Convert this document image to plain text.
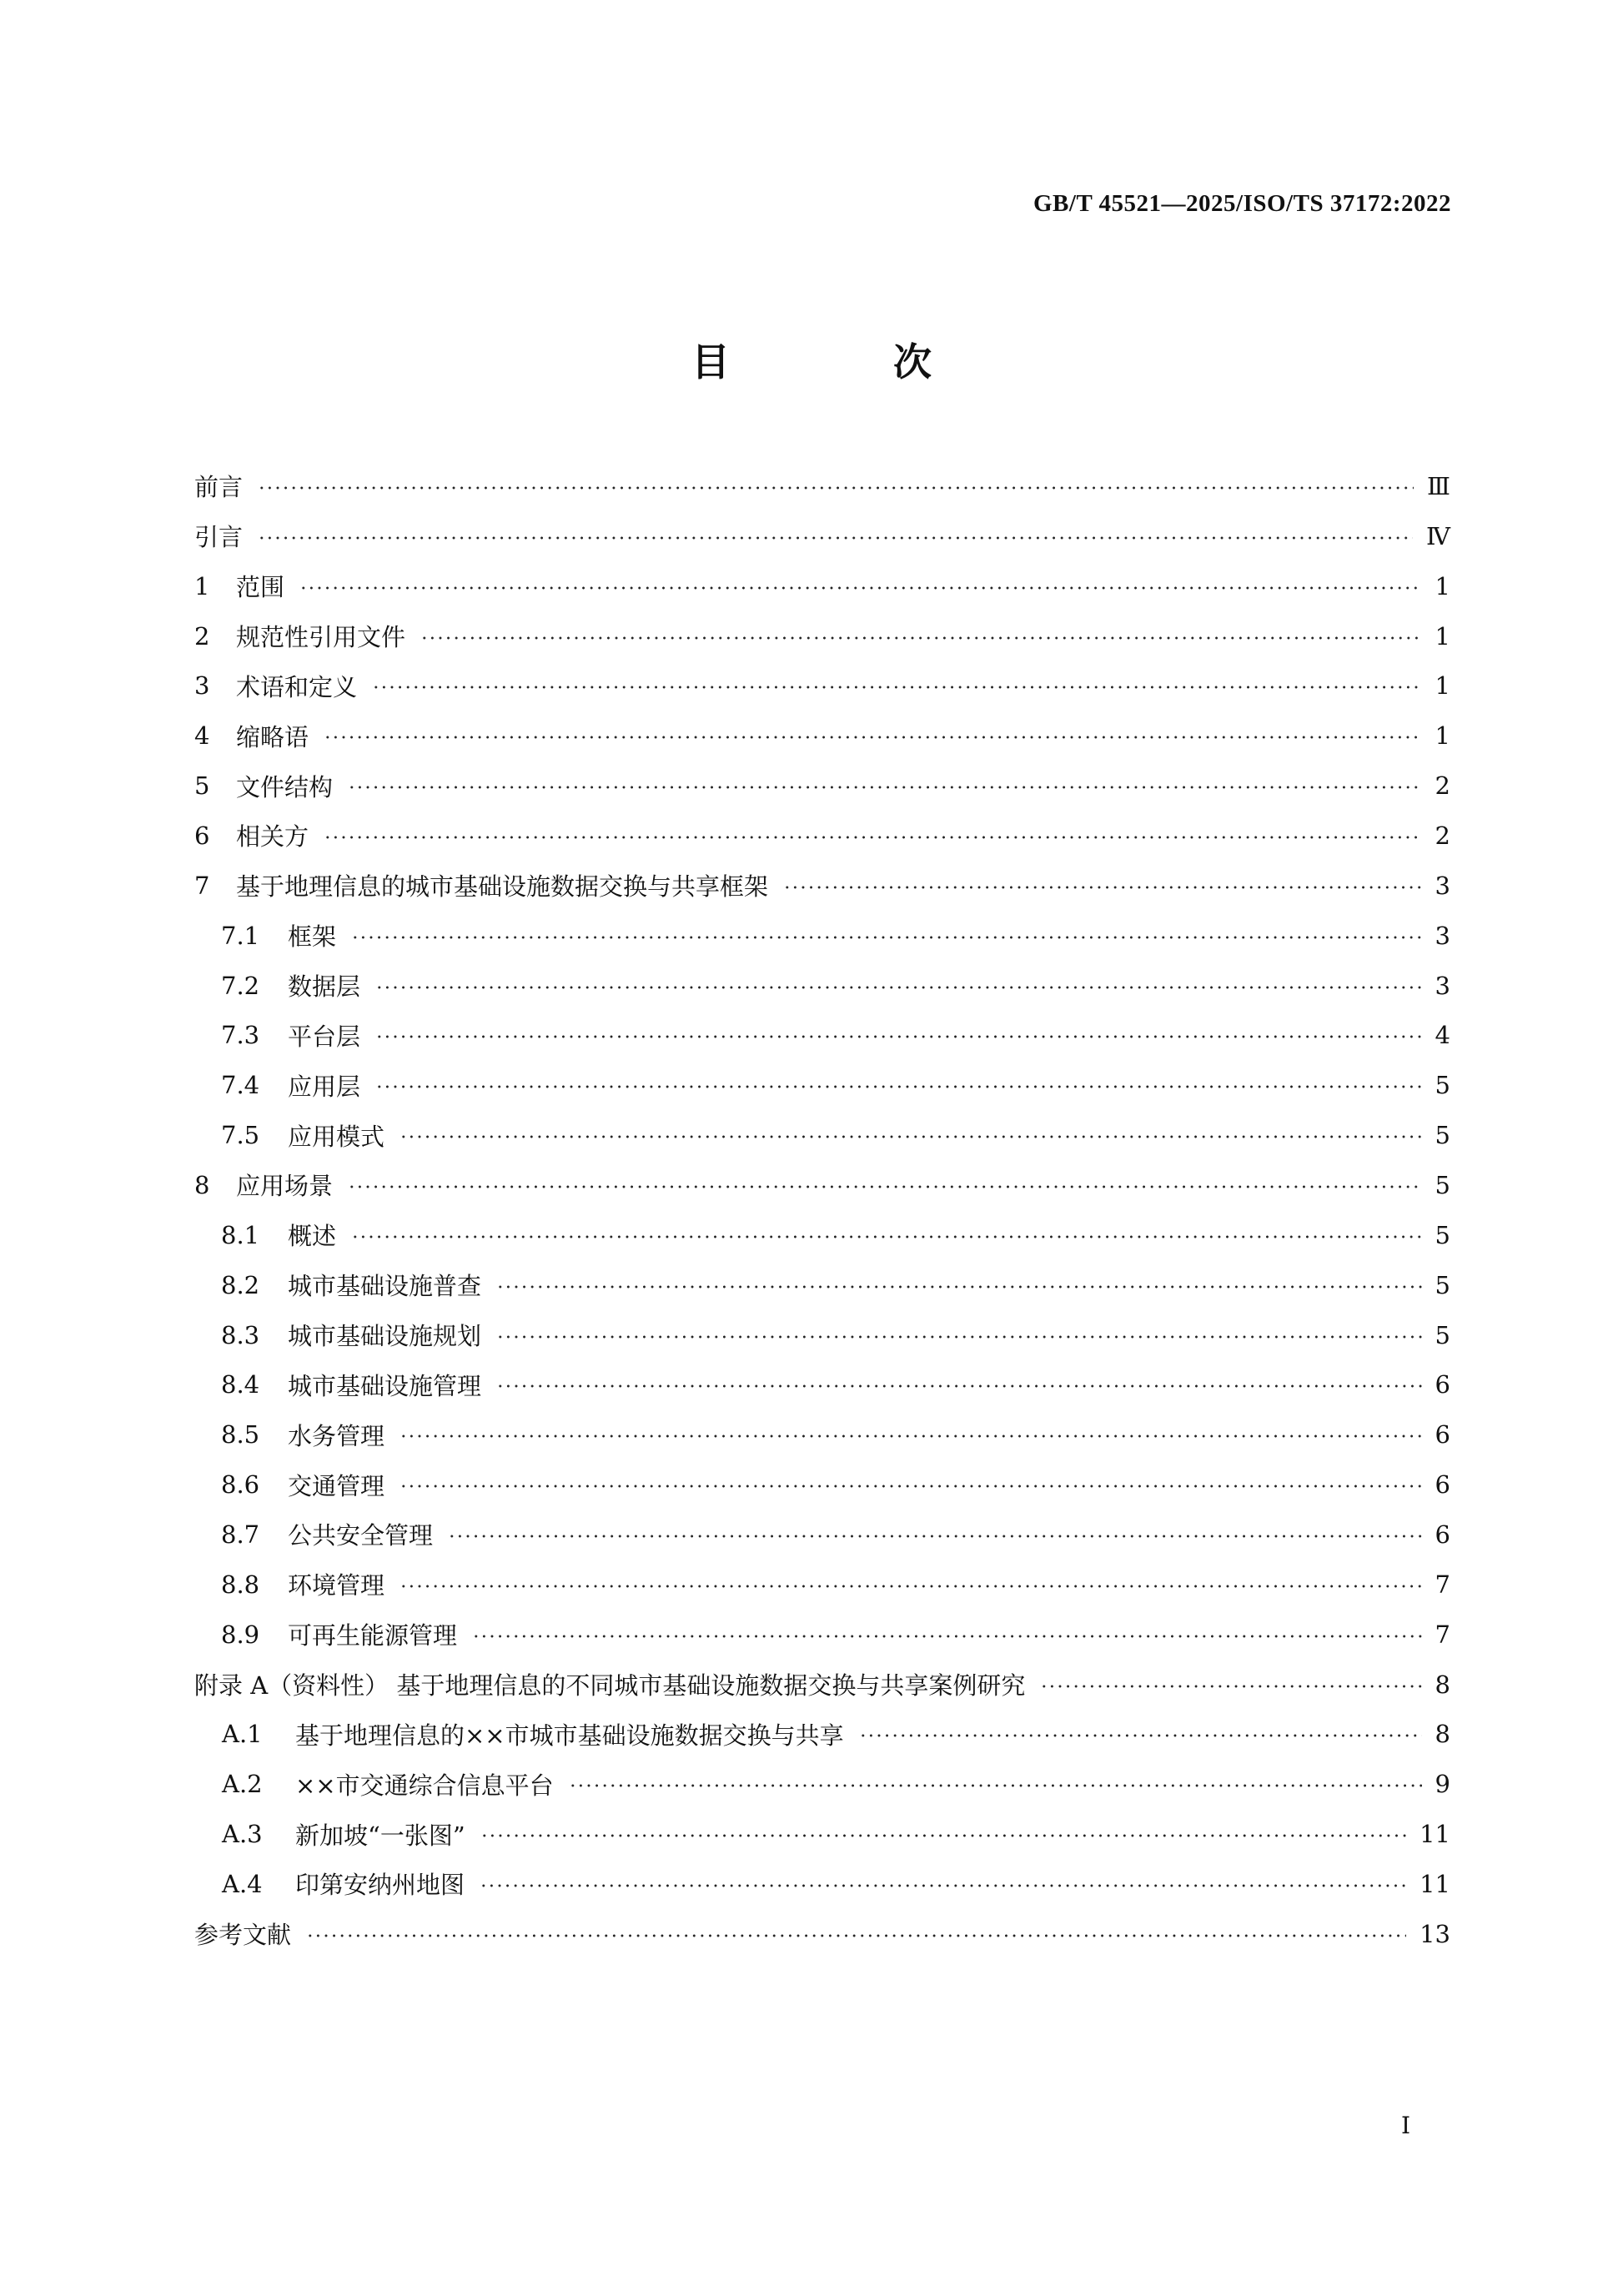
GB/T 45521—2025/ISO/TS 37172:2022
目 次
前言	Ⅲ
引言	Ⅳ
1	范围	1
2	规范性引用文件	1
3	术语和定义	1
4	缩略语	1
5	文件结构	2
6	相关方	2
7	基于地理信息的城市基础设施数据交换与共享框架	3
7.1	框架	3
7.2	数据层	3
7.3	平台层	4
7.4	应用层	5
7.5	应用模式	5
8	应用场景	5
8.1	概述	5
8.2	城市基础设施普查	5
8.3	城市基础设施规划	5
8.4	城市基础设施管理	6
8.5	水务管理	6
8.6	交通管理	6
8.7	公共安全管理	6
8.8	环境管理	7
8.9	可再生能源管理	7
附录 A（资料性） 基于地理信息的不同城市基础设施数据交换与共享案例研究	8
A.1	基于地理信息的××市城市基础设施数据交换与共享	8
A.2	××市交通综合信息平台	9
A.3	新加坡“一张图”	11
A.4	印第安纳州地图	11
参考文献	13
Ⅰ
